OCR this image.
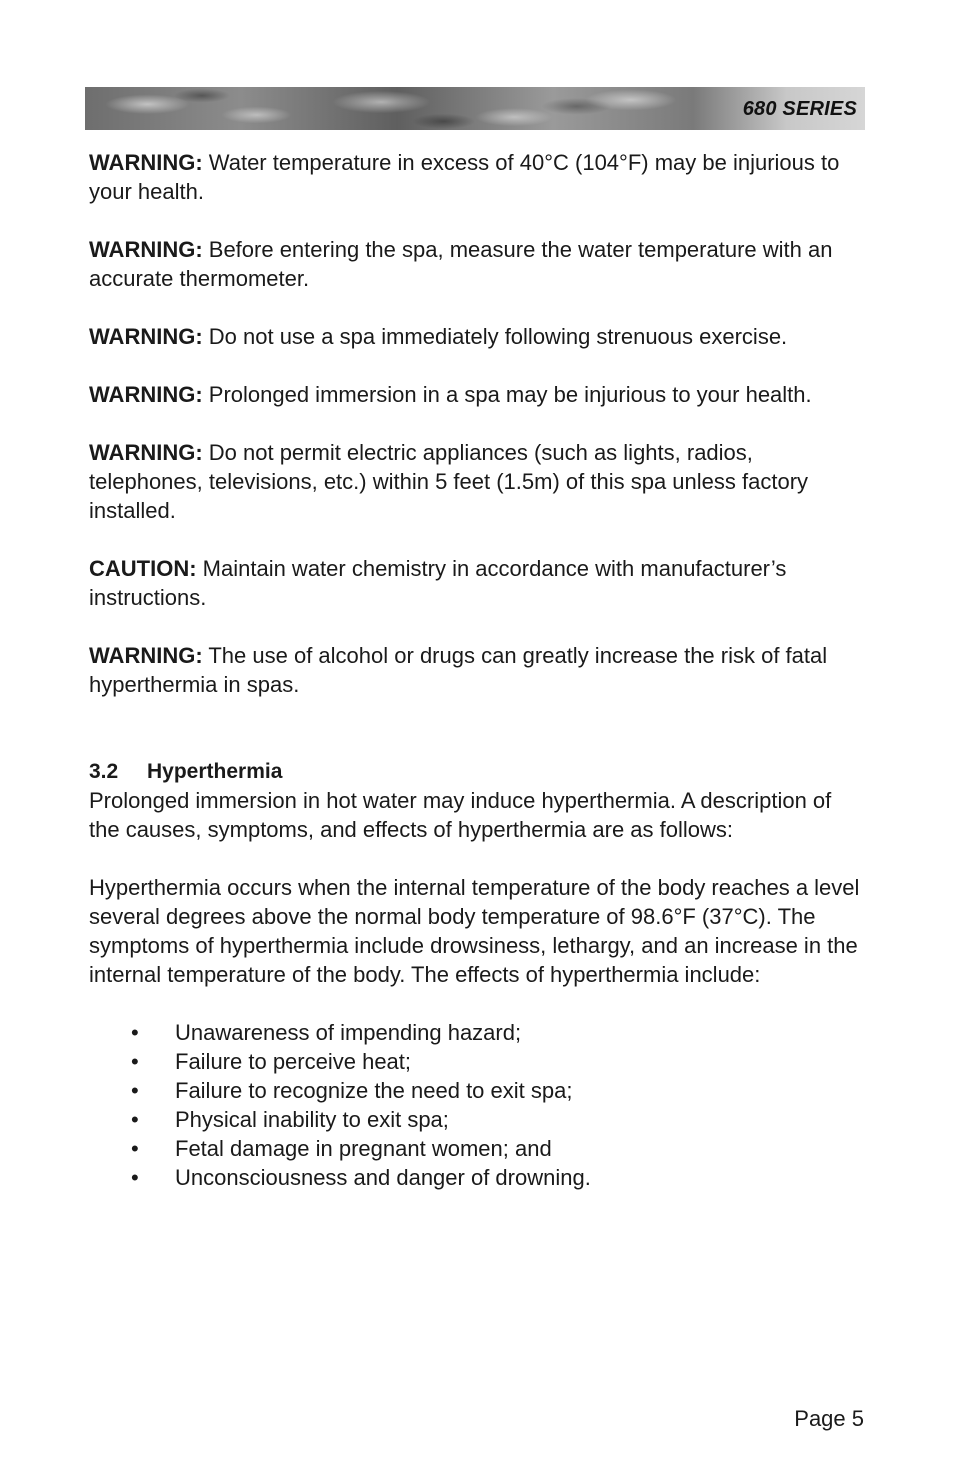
680 SERIES

WARNING: Water temperature in excess of 40°C (104°F) may be injurious to your health.

WARNING: Before entering the spa, measure the water temperature with an accurate thermometer.

WARNING: Do not use a spa immediately following strenuous exercise.

WARNING: Prolonged immersion in a spa may be injurious to your health.

WARNING: Do not permit electric appliances (such as lights, radios, telephones, televisions, etc.) within 5 feet (1.5m) of this spa unless factory installed.

CAUTION: Maintain water chemistry in accordance with manufacturer’s instructions.

WARNING: The use of alcohol or drugs can greatly increase the risk of fatal hyperthermia in spas.

3.2 Hyperthermia

Prolonged immersion in hot water may induce hyperthermia. A description of the causes, symptoms, and effects of hyperthermia are as follows:

Hyperthermia occurs when the internal temperature of the body reaches a level several degrees above the normal body temperature of 98.6°F (37°C). The symptoms of hyperthermia include drowsiness, lethargy, and an increase in the internal temperature of the body. The effects of hyperthermia include:

• Unawareness of impending hazard;
• Failure to perceive heat;
• Failure to recognize the need to exit spa;
• Physical inability to exit spa;
• Fetal damage in pregnant women; and
• Unconsciousness and danger of drowning.
Page 5
